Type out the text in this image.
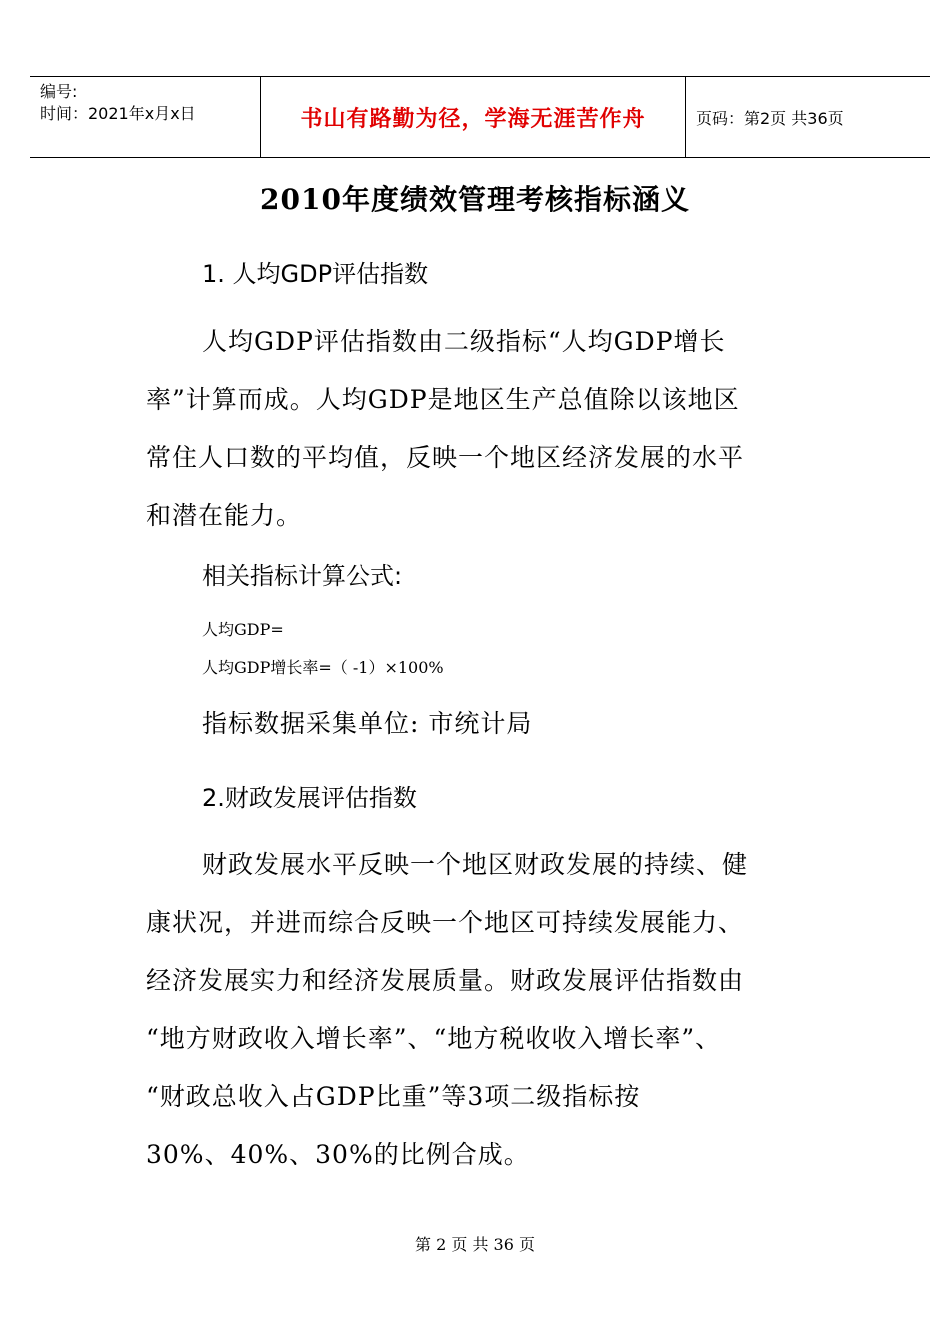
编号:
时间：2021年x月x日	书山有路勤为径，学海无涯苦作舟	页码：第2页 共36页
2010年度绩效管理考核指标涵义
1. 人均GDP评估指数

人均GDP评估指数由二级指标“人均GDP增长
率”计算而成。人均GDP是地区生产总值除以该地区
常住人口数的平均值，反映一个地区经济发展的水平
和潜在能力。

相关指标计算公式:
人均GDP=
人均GDP增长率=（ -1）×100%
指标数据采集单位: 市统计局
2.财政发展评估指数

财政发展水平反映一个地区财政发展的持续、健
康状况，并进而综合反映一个地区可持续发展能力、
经济发展实力和经济发展质量。财政发展评估指数由
“地方财政收入增长率”、“地方税收收入增长率”、
“财政总收入占GDP比重”等3项二级指标按
30%、40%、30%的比例合成。

第 2 页 共 36 页
